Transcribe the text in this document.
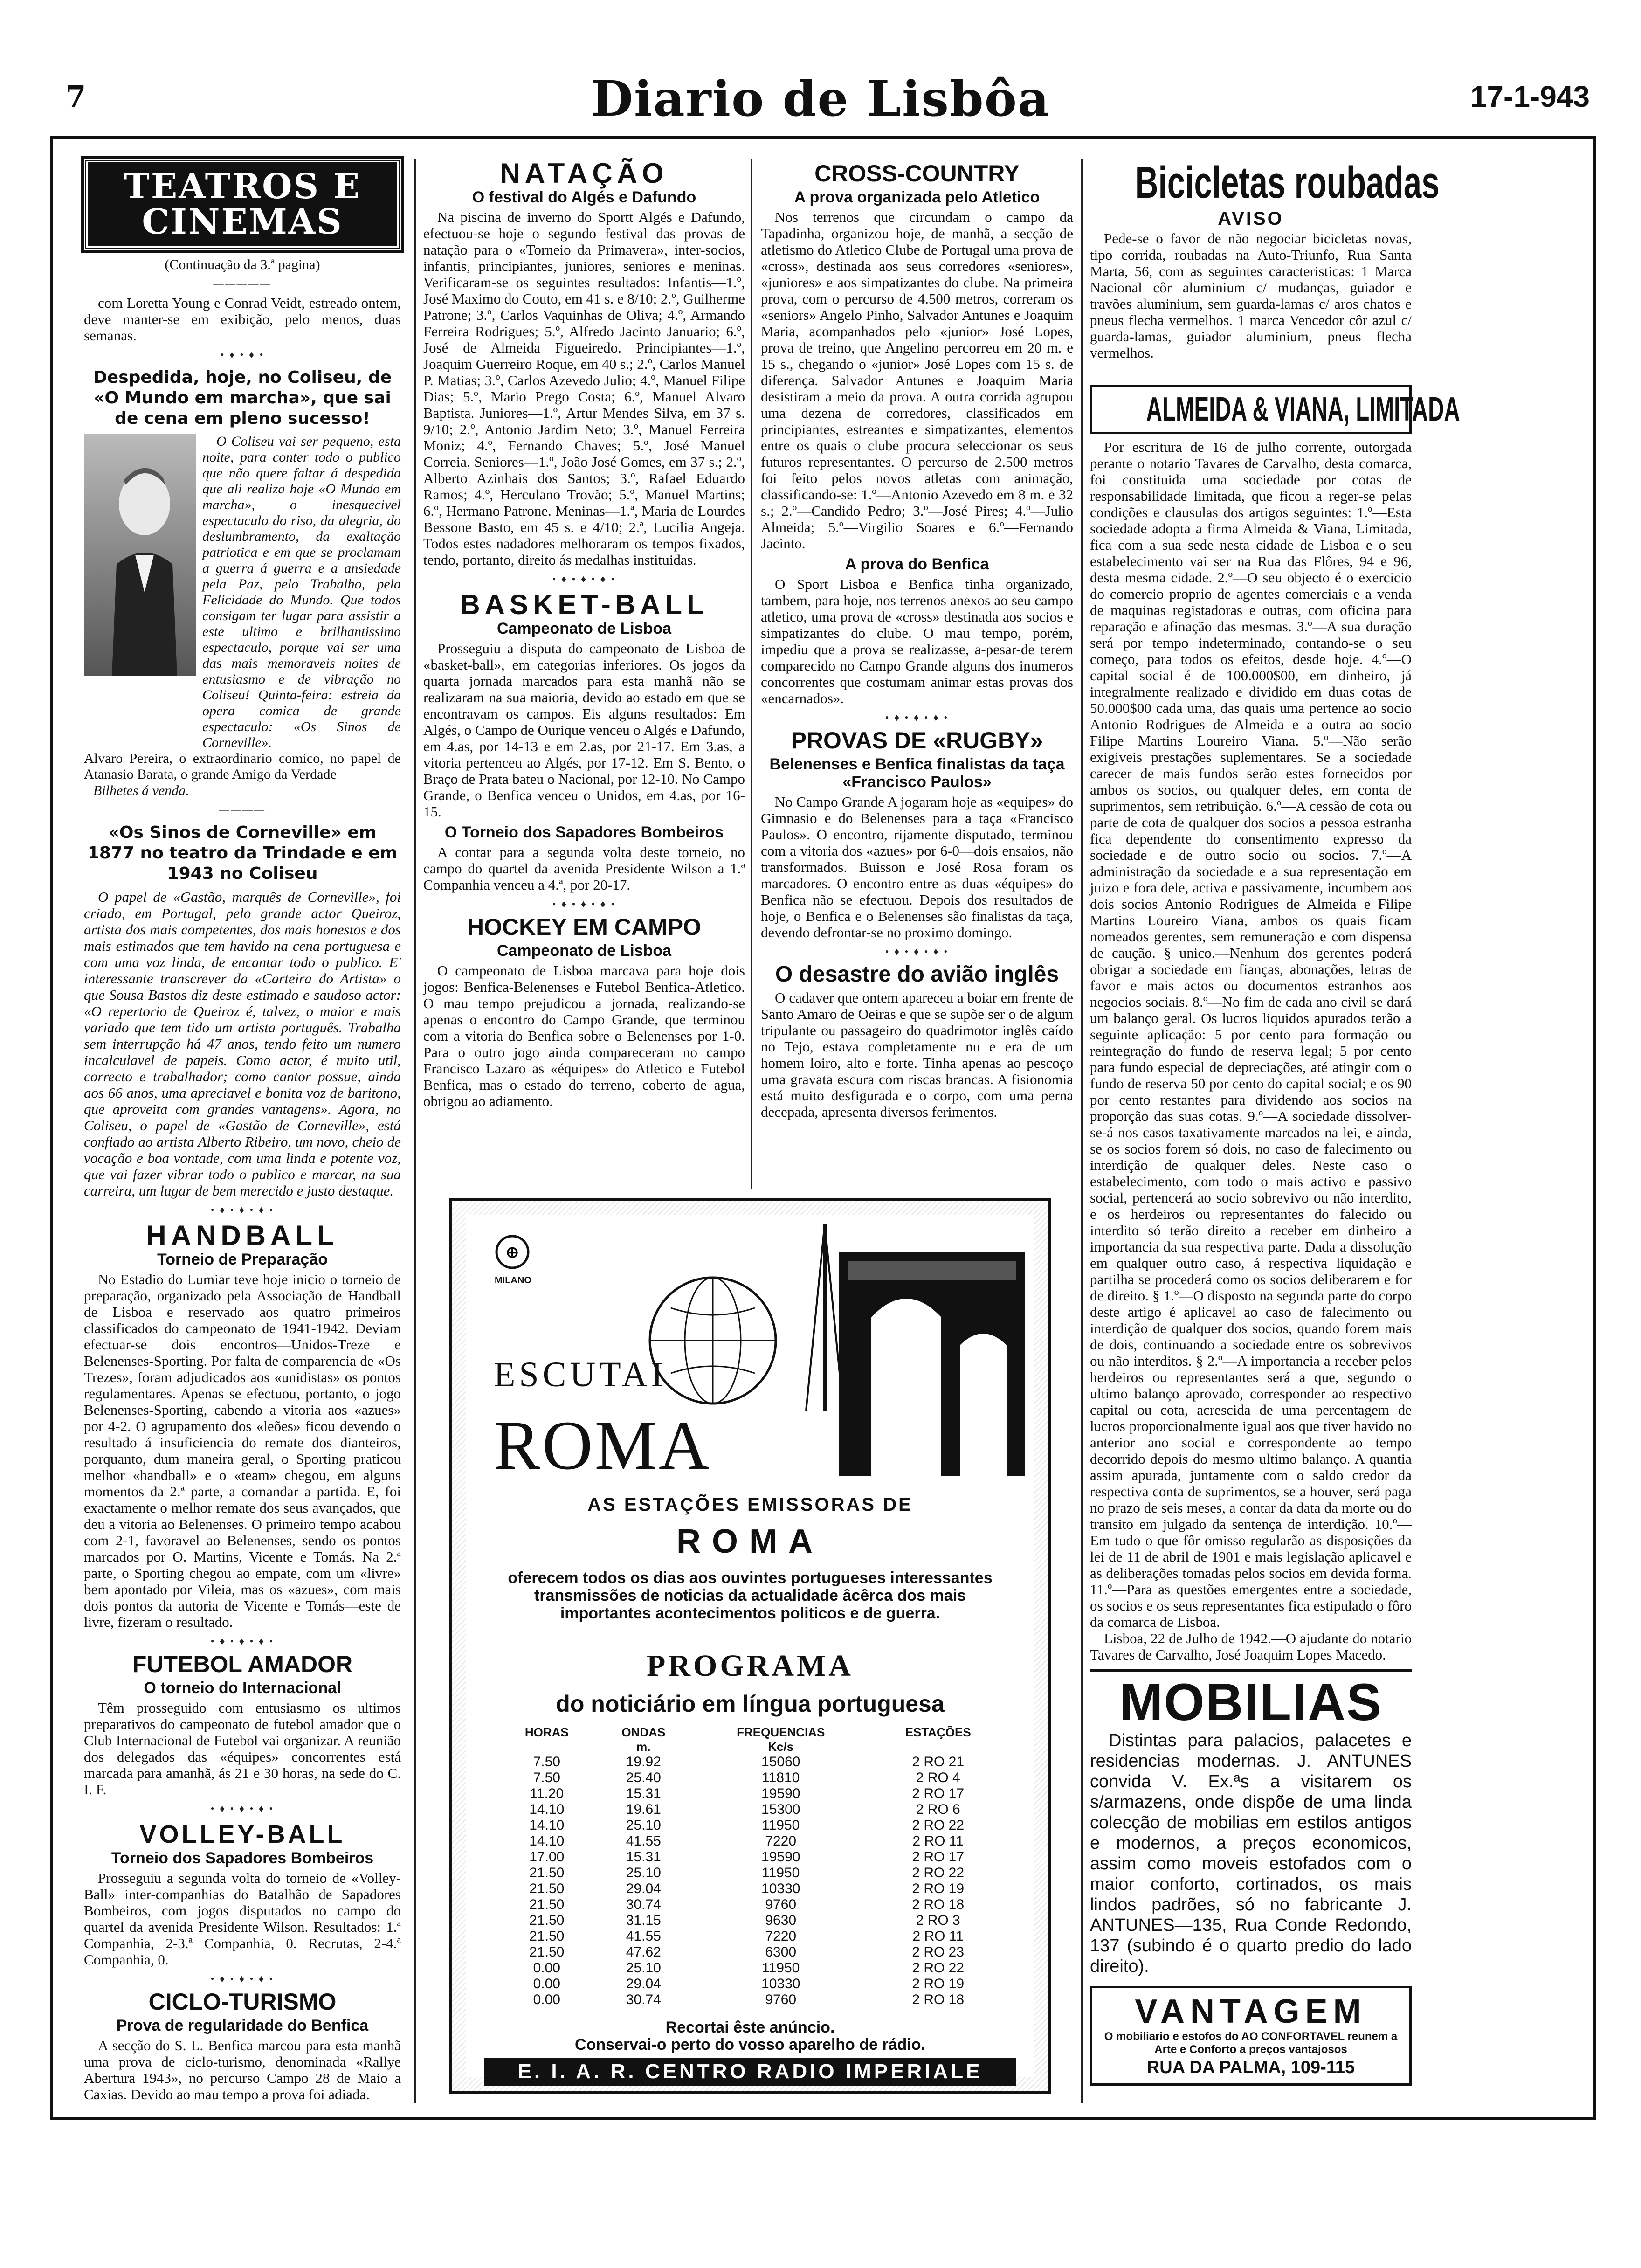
7	Diario de Lisbôa	17-1-943
TEATROS E CINEMAS
(Continuação da 3.ª pagina)
—————

com Loretta Young e Conrad Veidt, estreado ontem, deve manter-se em exibição, pelo menos, duas semanas.

• ♦ • ♦ •
Despedida, hoje, no Coliseu, de «O Mundo em marcha», que sai de cena em pleno sucesso!

O Coliseu vai ser pequeno, esta noite, para conter todo o publico que não quere faltar á despedida que ali realiza hoje «O Mundo em marcha», o inesquecivel espectaculo do riso, da alegria, do deslumbramento, da exaltação patriotica e em que se proclamam a guerra á guerra e a ansiedade pela Paz, pelo Trabalho, pela Felicidade do Mundo. Que todos consigam ter lugar para assistir a este ultimo e brilhantissimo espectaculo, porque vai ser uma das mais memoraveis noites de entusiasmo e de vibração no Coliseu! Quinta-feira: estreia da opera comica de grande espectaculo: «Os Sinos de Corneville».

Alvaro Pereira, o extraordinario comico, no papel de Atanasio Barata, o grande Amigo da Verdade
Bilhetes á venda.
————
«Os Sinos de Corneville» em 1877 no teatro da Trindade e em 1943 no Coliseu

O papel de «Gastão, marquês de Corneville», foi criado, em Portugal, pelo grande actor Queiroz, artista dos mais competentes, dos mais honestos e dos mais estimados que tem havido na cena portuguesa e com uma voz linda, de encantar todo o publico. E' interessante transcrever da «Carteira do Artista» o que Sousa Bastos diz deste estimado e saudoso actor: «O repertorio de Queiroz é, talvez, o maior e mais variado que tem tido um artista português. Trabalha sem interrupção há 47 anos, tendo feito um numero incalculavel de papeis. Como actor, é muito util, correcto e trabalhador; como cantor possue, ainda aos 66 anos, uma apreciavel e bonita voz de baritono, que aproveita com grandes vantagens». Agora, no Coliseu, o papel de «Gastão de Corneville», está confiado ao artista Alberto Ribeiro, um novo, cheio de vocação e boa vontade, com uma linda e potente voz, que vai fazer vibrar todo o publico e marcar, na sua carreira, um lugar de bem merecido e justo destaque.

• ♦ • ♦ • ♦ •
HANDBALL
Torneio de Preparação

No Estadio do Lumiar teve hoje inicio o torneio de preparação, organizado pela Associação de Handball de Lisboa e reservado aos quatro primeiros classificados do campeonato de 1941-1942. Deviam efectuar-se dois encontros—Unidos-Treze e Belenenses-Sporting. Por falta de comparencia de «Os Trezes», foram adjudicados aos «unidistas» os pontos regulamentares. Apenas se efectuou, portanto, o jogo Belenenses-Sporting, cabendo a vitoria aos «azues» por 4-2. O agrupamento dos «leões» ficou devendo o resultado á insuficiencia do remate dos dianteiros, porquanto, dum maneira geral, o Sporting praticou melhor «handball» e o «team» chegou, em alguns momentos da 2.ª parte, a comandar a partida. E, foi exactamente o melhor remate dos seus avançados, que deu a vitoria ao Belenenses. O primeiro tempo acabou com 2-1, favoravel ao Belenenses, sendo os pontos marcados por O. Martins, Vicente e Tomás. Na 2.ª parte, o Sporting chegou ao empate, com um «livre» bem apontado por Vileia, mas os «azues», com mais dois pontos da autoria de Vicente e Tomás—este de livre, fizeram o resultado.

• ♦ • ♦ • ♦ •
FUTEBOL AMADOR
O torneio do Internacional

Têm prosseguido com entusiasmo os ultimos preparativos do campeonato de futebol amador que o Club Internacional de Futebol vai organizar. A reunião dos delegados das «équipes» concorrentes está marcada para amanhã, ás 21 e 30 horas, na sede do C. I. F.

• ♦ • ♦ • ♦ •
VOLLEY-BALL
Torneio dos Sapadores Bombeiros

Prosseguiu a segunda volta do torneio de «Volley-Ball» inter-companhias do Batalhão de Sapadores Bombeiros, com jogos disputados no campo do quartel da avenida Presidente Wilson. Resultados: 1.ª Companhia, 2-3.ª Companhia, 0. Recrutas, 2-4.ª Companhia, 0.

• ♦ • ♦ • ♦ •
CICLO-TURISMO
Prova de regularidade do Benfica

A secção do S. L. Benfica marcou para esta manhã uma prova de ciclo-turismo, denominada «Rallye Abertura 1943», no percurso Campo 28 de Maio a Caxias. Devido ao mau tempo a prova foi adiada.

NATAÇÃO
O festival do Algés e Dafundo

Na piscina de inverno do Sportt Algés e Dafundo, efectuou-se hoje o segundo festival das provas de natação para o «Torneio da Primavera», inter-socios, infantis, principiantes, juniores, seniores e meninas. Verificaram-se os seguintes resultados: Infantis—1.º, José Maximo do Couto, em 41 s. e 8/10; 2.º, Guilherme Patrone; 3.º, Carlos Vaquinhas de Oliva; 4.º, Armando Ferreira Rodrigues; 5.º, Alfredo Jacinto Januario; 6.º, José de Almeida Figueiredo. Principiantes—1.º, Joaquim Guerreiro Roque, em 40 s.; 2.º, Carlos Manuel P. Matias; 3.º, Carlos Azevedo Julio; 4.º, Manuel Filipe Dias; 5.º, Mario Prego Costa; 6.º, Manuel Alvaro Baptista. Juniores—1.º, Artur Mendes Silva, em 37 s. 9/10; 2.º, Antonio Jardim Neto; 3.º, Manuel Ferreira Moniz; 4.º, Fernando Chaves; 5.º, José Manuel Correia. Seniores—1.º, João José Gomes, em 37 s.; 2.º, Alberto Azinhais dos Santos; 3.º, Rafael Eduardo Ramos; 4.º, Herculano Trovão; 5.º, Manuel Martins; 6.º, Hermano Patrone. Meninas—1.ª, Maria de Lourdes Bessone Basto, em 45 s. e 4/10; 2.ª, Lucilia Angeja. Todos estes nadadores melhoraram os tempos fixados, tendo, portanto, direito ás medalhas instituidas.

• ♦ • ♦ • ♦ •
BASKET-BALL
Campeonato de Lisboa

Prosseguiu a disputa do campeonato de Lisboa de «basket-ball», em categorias inferiores. Os jogos da quarta jornada marcados para esta manhã não se realizaram na sua maioria, devido ao estado em que se encontravam os campos. Eis alguns resultados: Em Algés, o Campo de Ourique venceu o Algés e Dafundo, em 4.as, por 14-13 e em 2.as, por 21-17. Em 3.as, a vitoria pertenceu ao Algés, por 17-12. Em S. Bento, o Braço de Prata bateu o Nacional, por 12-10. No Campo Grande, o Benfica venceu o Unidos, em 4.as, por 16-15.

O Torneio dos Sapadores Bombeiros

A contar para a segunda volta deste torneio, no campo do quartel da avenida Presidente Wilson a 1.ª Companhia venceu a 4.ª, por 20-17.

• ♦ • ♦ • ♦ •
HOCKEY EM CAMPO
Campeonato de Lisboa

O campeonato de Lisboa marcava para hoje dois jogos: Benfica-Belenenses e Futebol Benfica-Atletico. O mau tempo prejudicou a jornada, realizando-se apenas o encontro do Campo Grande, que terminou com a vitoria do Benfica sobre o Belenenses por 1-0. Para o outro jogo ainda compareceram no campo Francisco Lazaro as «équipes» do Atletico e Futebol Benfica, mas o estado do terreno, coberto de agua, obrigou ao adiamento.

CROSS-COUNTRY
A prova organizada pelo Atletico

Nos terrenos que circundam o campo da Tapadinha, organizou hoje, de manhã, a secção de atletismo do Atletico Clube de Portugal uma prova de «cross», destinada aos seus corredores «seniores», «juniores» e aos simpatizantes do clube. Na primeira prova, com o percurso de 4.500 metros, correram os «seniors» Angelo Pinho, Salvador Antunes e Joaquim Maria, acompanhados pelo «junior» José Lopes, prova de treino, que Angelino percorreu em 20 m. e 15 s., chegando o «junior» José Lopes com 15 s. de diferença. Salvador Antunes e Joaquim Maria desistiram a meio da prova. A outra corrida agrupou uma dezena de corredores, classificados em principiantes, estreantes e simpatizantes, elementos entre os quais o clube procura seleccionar os seus futuros representantes. O percurso de 2.500 metros foi feito pelos novos atletas com animação, classificando-se: 1.º—Antonio Azevedo em 8 m. e 32 s.; 2.º—Candido Pedro; 3.º—José Pires; 4.º—Julio Almeida; 5.º—Virgilio Soares e 6.º—Fernando Jacinto.

A prova do Benfica

O Sport Lisboa e Benfica tinha organizado, tambem, para hoje, nos terrenos anexos ao seu campo atletico, uma prova de «cross» destinada aos socios e simpatizantes do clube. O mau tempo, porém, impediu que a prova se realizasse, a-pesar-de terem comparecido no Campo Grande alguns dos inumeros concorrentes que costumam animar estas provas dos «encarnados».

• ♦ • ♦ • ♦ •
PROVAS DE «RUGBY»
Belenenses e Benfica finalistas da taça «Francisco Paulos»

No Campo Grande A jogaram hoje as «equipes» do Gimnasio e do Belenenses para a taça «Francisco Paulos». O encontro, rijamente disputado, terminou com a vitoria dos «azues» por 6-0—dois ensaios, não transformados. Buisson e José Rosa foram os marcadores. O encontro entre as duas «équipes» do Benfica não se efectuou. Depois dos resultados de hoje, o Benfica e o Belenenses são finalistas da taça, devendo defrontar-se no proximo domingo.

• ♦ • ♦ • ♦ •
O desastre do avião inglês

O cadaver que ontem apareceu a boiar em frente de Santo Amaro de Oeiras e que se supõe ser o de algum tripulante ou passageiro do quadrimotor inglês caído no Tejo, estava completamente nu e era de um homem loiro, alto e forte. Tinha apenas ao pescoço uma gravata escura com riscas brancas. A fisionomia está muito desfigurada e o corpo, com uma perna decepada, apresenta diversos ferimentos.

Bicicletas roubadas
AVISO

Pede-se o favor de não negociar bicicletas novas, tipo corrida, roubadas na Auto-Triunfo, Rua Santa Marta, 56, com as seguintes caracteristicas: 1 Marca Nacional côr aluminium c/ mudanças, guiador e travões aluminium, sem guarda-lamas c/ aros chatos e pneus flecha vermelhos. 1 marca Vencedor côr azul c/ guarda-lamas, guiador aluminium, pneus flecha vermelhos.

—————
ALMEIDA & VIANA, LIMITADA

Por escritura de 16 de julho corrente, outorgada perante o notario Tavares de Carvalho, desta comarca, foi constituida uma sociedade por cotas de responsabilidade limitada, que ficou a reger-se pelas condições e clausulas dos artigos seguintes: 1.º—Esta sociedade adopta a firma Almeida & Viana, Limitada, fica com a sua sede nesta cidade de Lisboa e o seu estabelecimento vai ser na Rua das Flôres, 94 e 96, desta mesma cidade. 2.º—O seu objecto é o exercicio do comercio proprio de agentes comerciais e a venda de maquinas registadoras e outras, com oficina para reparação e afinação das mesmas. 3.º—A sua duração será por tempo indeterminado, contando-se o seu começo, para todos os efeitos, desde hoje. 4.º—O capital social é de 100.000$00, em dinheiro, já integralmente realizado e dividido em duas cotas de 50.000$00 cada uma, das quais uma pertence ao socio Antonio Rodrigues de Almeida e a outra ao socio Filipe Martins Loureiro Viana. 5.º—Não serão exigiveis prestações suplementares. Se a sociedade carecer de mais fundos serão estes fornecidos por ambos os socios, ou qualquer deles, em conta de suprimentos, sem retribuição. 6.º—A cessão de cota ou parte de cota de qualquer dos socios a pessoa estranha fica dependente do consentimento expresso da sociedade e de outro socio ou socios. 7.º—A administração da sociedade e a sua representação em juizo e fora dele, activa e passivamente, incumbem aos dois socios Antonio Rodrigues de Almeida e Filipe Martins Loureiro Viana, ambos os quais ficam nomeados gerentes, sem remuneração e com dispensa de caução. § unico.—Nenhum dos gerentes poderá obrigar a sociedade em fianças, abonações, letras de favor e mais actos ou documentos estranhos aos negocios sociais. 8.º—No fim de cada ano civil se dará um balanço geral. Os lucros liquidos apurados terão a seguinte aplicação: 5 por cento para formação ou reintegração do fundo de reserva legal; 5 por cento para fundo especial de depreciações, até atingir com o fundo de reserva 50 por cento do capital social; e os 90 por cento restantes para dividendo aos socios na proporção das suas cotas. 9.º—A sociedade dissolver-se-á nos casos taxativamente marcados na lei, e ainda, se os socios forem só dois, no caso de falecimento ou interdição de qualquer deles. Neste caso o estabelecimento, com todo o mais activo e passivo social, pertencerá ao socio sobrevivo ou não interdito, e os herdeiros ou representantes do falecido ou interdito só terão direito a receber em dinheiro a importancia da sua respectiva parte. Dada a dissolução em qualquer outro caso, á respectiva liquidação e partilha se procederá como os socios deliberarem e for de direito. § 1.º—O disposto na segunda parte do corpo deste artigo é aplicavel ao caso de falecimento ou interdição de qualquer dos socios, quando forem mais de dois, continuando a sociedade entre os sobrevivos ou não interditos. § 2.º—A importancia a receber pelos herdeiros ou representantes será a que, segundo o ultimo balanço aprovado, corresponder ao respectivo capital ou cota, acrescida de uma percentagem de lucros proporcionalmente igual aos que tiver havido no anterior ano social e correspondente ao tempo decorrido depois do mesmo ultimo balanço. A quantia assim apurada, juntamente com o saldo credor da respectiva conta de suprimentos, se a houver, será paga no prazo de seis meses, a contar da data da morte ou do transito em julgado da sentença de interdição. 10.º—Em tudo o que fôr omisso regularão as disposições da lei de 11 de abril de 1901 e mais legislação aplicavel e as deliberações tomadas pelos socios em devida forma. 11.º—Para as questões emergentes entre a sociedade, os socios e os seus representantes fica estipulado o fôro da comarca de Lisboa.

Lisboa, 22 de Julho de 1942.—O ajudante do notario Tavares de Carvalho, José Joaquim Lopes Macedo.

MOBILIAS

Distintas para palacios, palacetes e residencias modernas. J. ANTUNES convida V. Ex.ªs a visitarem os s/armazens, onde dispõe de uma linda colecção de mobilias em estilos antigos e modernos, a preços economicos, assim como moveis estofados com o maior conforto, cortinados, os mais lindos padrões, só no fabricante J. ANTUNES—135, Rua Conde Redondo, 137 (subindo é o quarto predio do lado direito).

VANTAGEM
O mobiliario e estofos do AO CONFORTAVEL reunem a Arte e Conforto a preços vantajosos
RUA DA PALMA, 109-115
⊕
MILANO
ESCUTAI
ROMA
AS ESTAÇÕES EMISSORAS DE
ROMA
oferecem todos os dias aos ouvintes portugueses interessantes transmissões de noticias da actualidade âcêrca dos mais importantes acontecimentos politicos e de guerra.
PROGRAMA
do noticiário em língua portuguesa
HORAS	ONDAS	FREQUENCIAS	ESTAÇÕES
	m.	Kc/s	
7.50	19.92	15060	2 RO 21
7.50	25.40	11810	2 RO 4
11.20	15.31	19590	2 RO 17
14.10	19.61	15300	2 RO 6
14.10	25.10	11950	2 RO 22
14.10	41.55	7220	2 RO 11
17.00	15.31	19590	2 RO 17
21.50	25.10	11950	2 RO 22
21.50	29.04	10330	2 RO 19
21.50	30.74	9760	2 RO 18
21.50	31.15	9630	2 RO 3
21.50	41.55	7220	2 RO 11
21.50	47.62	6300	2 RO 23
0.00	25.10	11950	2 RO 22
0.00	29.04	10330	2 RO 19
0.00	30.74	9760	2 RO 18
Recortai êste anúncio.
Conservai-o perto do vosso aparelho de rádio.
E. I. A. R. CENTRO RADIO IMPERIALE
